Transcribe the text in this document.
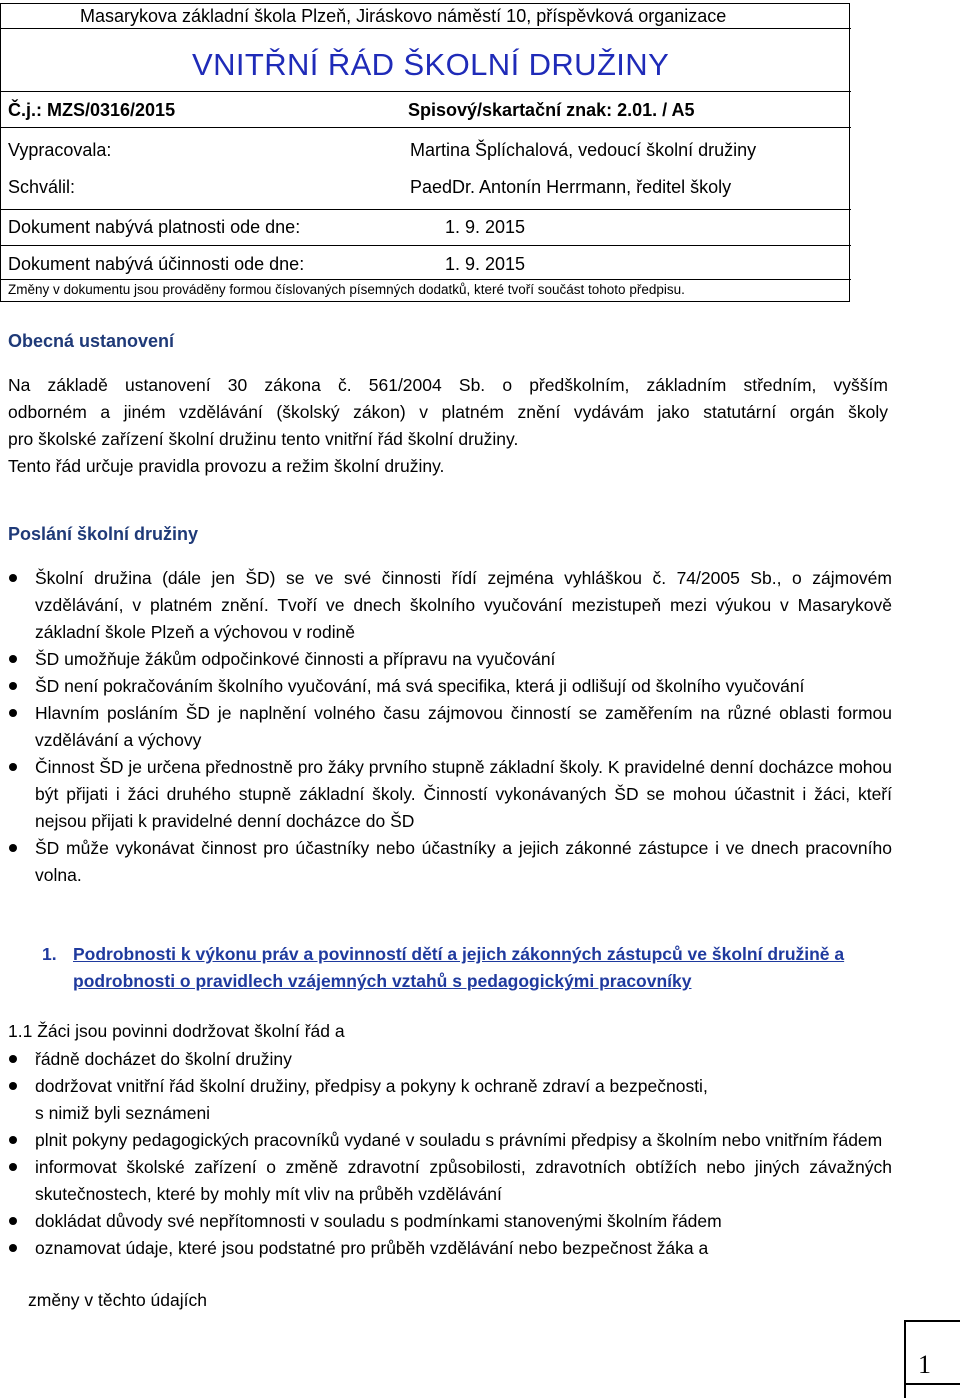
Masarykova základní škola Plzeň, Jiráskovo náměstí 10, příspěvková organizace
VNITŘNÍ ŘÁD ŠKOLNÍ DRUŽINY
Č.j.: MZS/0316/2015	Spisový/skartační znak: 2.01. / A5
Vypracovala:	Martina Šplíchalová, vedoucí školní družiny
Schválil:	PaedDr. Antonín Herrmann, ředitel školy
Dokument nabývá platnosti ode dne:	1. 9. 2015
Dokument nabývá účinnosti ode dne:	1. 9. 2015
Změny v dokumentu jsou prováděny formou číslovaných písemných dodatků, které tvoří součást tohoto předpisu.
Obecná ustanovení
Na základě ustanovení 30 zákona č. 561/2004 Sb. o předškolním, základním středním, vyšším
odborném a jiném vzdělávání (školský zákon) v platném znění vydávám jako statutární orgán školy
pro školské zařízení školní družinu tento vnitřní řád školní družiny.
Tento řád určuje pravidla provozu a režim školní družiny.
Poslání školní družiny
Školní družina (dále jen ŠD) se ve své činnosti řídí zejména vyhláškou č. 74/2005 Sb., o zájmovém vzdělávání, v platném znění. Tvoří ve dnech školního vyučování mezistupeň mezi výukou v Masarykově základní škole Plzeň a výchovou v rodině
ŠD umožňuje žákům odpočinkové činnosti a přípravu na vyučování
ŠD není pokračováním školního vyučování, má svá specifika, která ji odlišují od školního vyučování
Hlavním posláním ŠD je naplnění volného času zájmovou činností se zaměřením na různé oblasti formou vzdělávání a výchovy
Činnost ŠD je určena přednostně pro žáky prvního stupně základní školy. K pravidelné denní docházce mohou být přijati i žáci druhého stupně základní školy. Činností vykonávaných ŠD se mohou účastnit i žáci, kteří nejsou přijati k pravidelné denní docházce do ŠD
ŠD může vykonávat činnost pro účastníky nebo účastníky a jejich zákonné zástupce i ve dnech pracovního volna.
1. Podrobnosti k výkonu práv a povinností dětí a jejich zákonných zástupců ve školní družině a podrobnosti o pravidlech vzájemných vztahů s pedagogickými pracovníky
1.1 Žáci jsou povinni dodržovat školní řád a
řádně docházet do školní družiny
dodržovat vnitřní řád školní družiny, předpisy a pokyny k ochraně zdraví a bezpečnosti,
s nimiž byli seznámeni
plnit pokyny pedagogických pracovníků vydané v souladu s právními předpisy a školním nebo vnitřním řádem
informovat školské zařízení o změně zdravotní způsobilosti, zdravotních obtížích nebo jiných závažných skutečnostech, které by mohly mít vliv na průběh vzdělávání
dokládat důvody své nepřítomnosti v souladu s podmínkami stanovenými školním řádem
oznamovat údaje, které jsou podstatné pro průběh vzdělávání nebo bezpečnost žáka a
změny v těchto údajích
1
